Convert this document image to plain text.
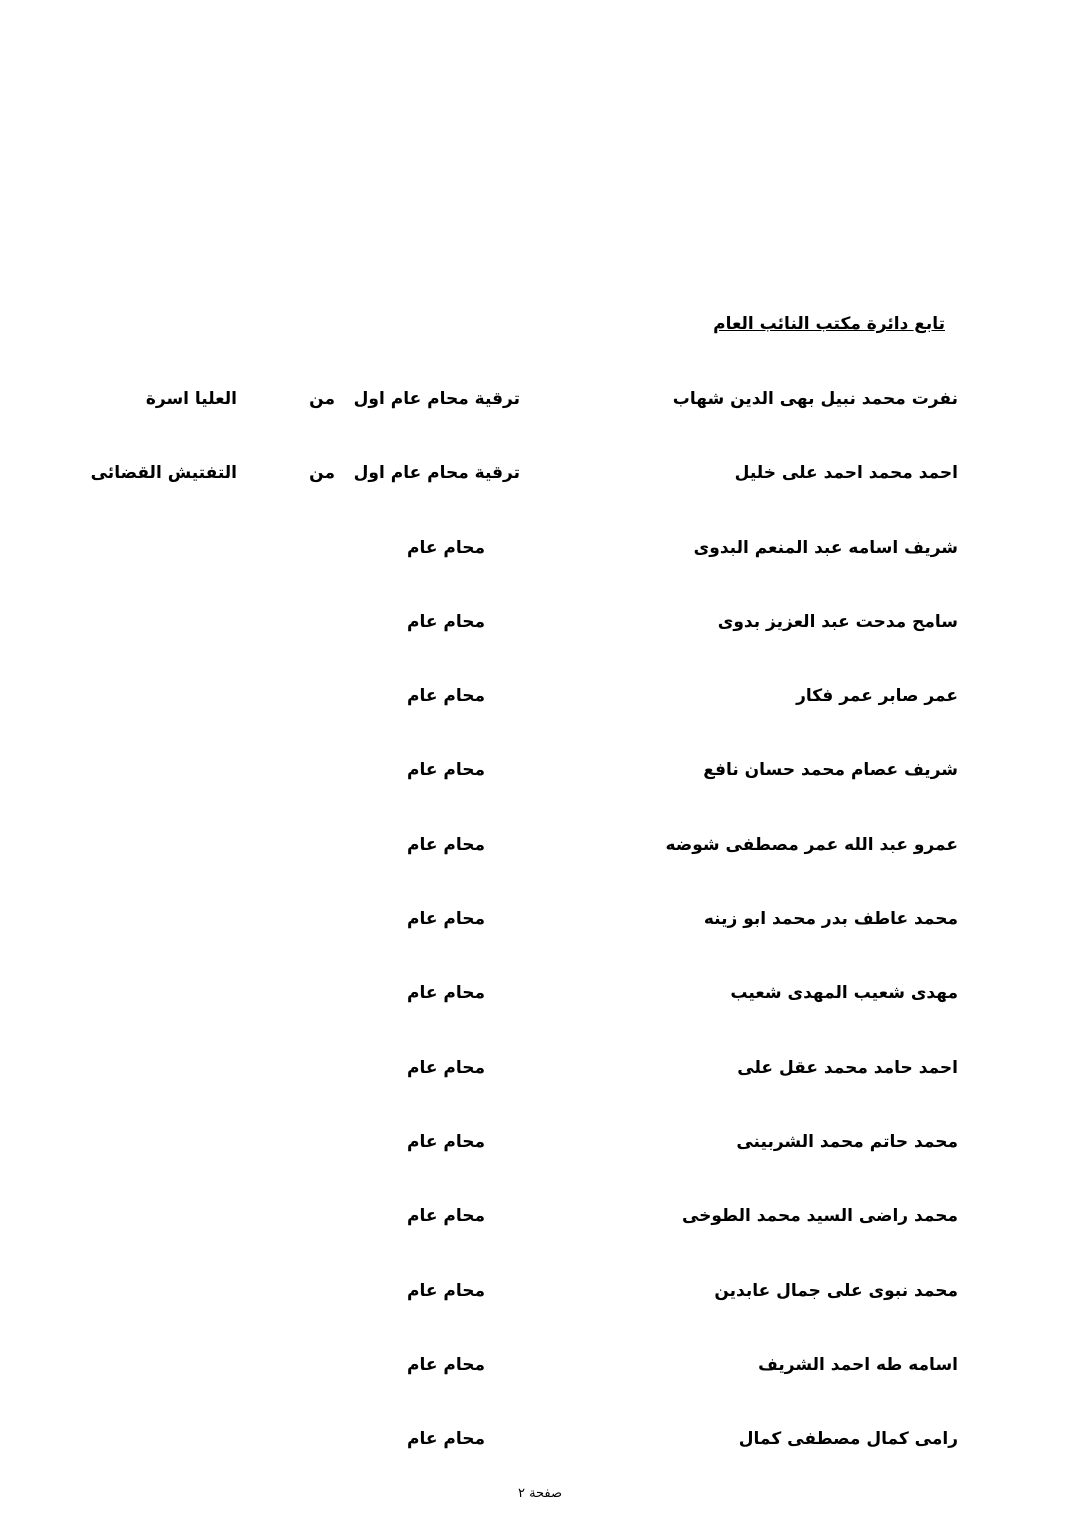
تابع دائرة مكتب النائب العام
نفرت محمد نبيل بهى الدين شهاب
ترقية محام عام اول
من
العليا اسرة
احمد محمد احمد على خليل
ترقية محام عام اول
من
التفتيش القضائى
شريف اسامه عبد المنعم البدوى
محام عام
سامح مدحت عبد العزيز بدوى
محام عام
عمر صابر عمر فكار
محام عام
شريف عصام محمد حسان نافع
محام عام
عمرو عبد الله عمر مصطفى شوضه
محام عام
محمد عاطف بدر محمد ابو زينه
محام عام
مهدى شعيب المهدى شعيب
محام عام
احمد حامد محمد عقل على
محام عام
محمد حاتم محمد الشربينى
محام عام
محمد راضى السيد محمد الطوخى
محام عام
محمد نبوى على جمال عابدين
محام عام
اسامه طه احمد الشريف
محام عام
رامى كمال مصطفى كمال
محام عام
صفحة ٢
